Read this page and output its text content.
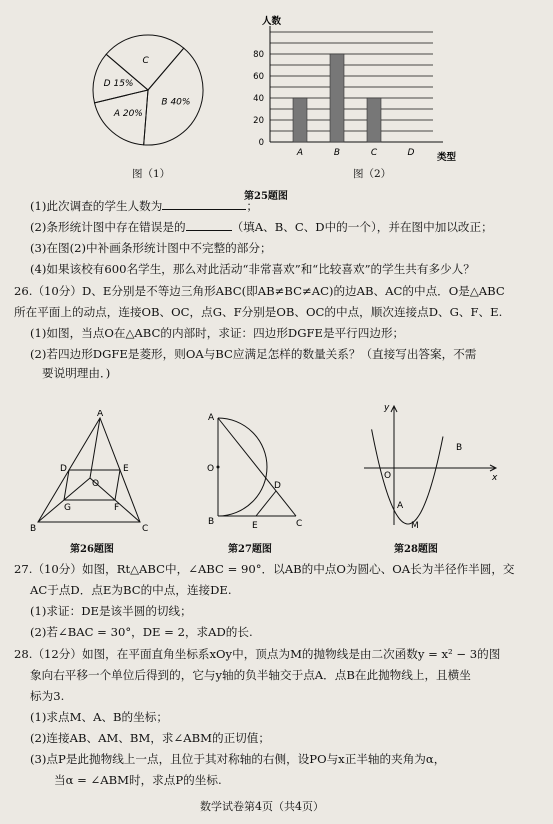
C
B 40%
A 20%
D 15%
图（1）
0
20
40
60
80
人数
A	B	C	D 类型
图（2）
第25题图
(1)此次调查的学生人数为	；
(2)条形统计图中存在错误是的	（填A、B、C、D中的一个），并在图中加以改正；
(3)在图(2)中补画条形统计图中不完整的部分；
(4)如果该校有600名学生，那么对此活动“非常喜欢”和“比较喜欢”的学生共有多少人？
26.（10分）D、E分别是不等边三角形ABC(即AB≠BC≠AC)的边AB、AC的中点．O是△ABC
所在平面上的动点，连接OB、OC，点G、F分别是OB、OC的中点，顺次连接点D、G、F、E.
(1)如图，当点O在△ABC的内部时，求证：四边形DGFE是平行四边形；
(2)若四边形DGFE是菱形，则OA与BC应满足怎样的数量关系？（直接写出答案，不需
要说明理由．)
A
D	E
O
G	F
B	C
第26题图
A
O
D
B	E	C
第27题图
y
x
O
A
B
M
第28题图
27.（10分）如图，Rt△ABC中，∠ABC = 90°．以AB的中点O为圆心、OA长为半径作半圆，交
AC于点D．点E为BC的中点，连接DE.
(1)求证：DE是该半圆的切线；
(2)若∠BAC = 30°，DE = 2，求AD的长.
28.（12分）如图，在平面直角坐标系xOy中，顶点为M的抛物线是由二次函数y = x² − 3的图
象向右平移一个单位后得到的，它与y轴的负半轴交于点A．点B在此抛物线上，且横坐
标为3.
(1)求点M、A、B的坐标；
(2)连接AB、AM、BM，求∠ABM的正切值；
(3)点P是此抛物线上一点，且位于其对称轴的右侧，设PO与x正半轴的夹角为α，
当α = ∠ABM时，求点P的坐标.
数学试卷第4页（共4页）
